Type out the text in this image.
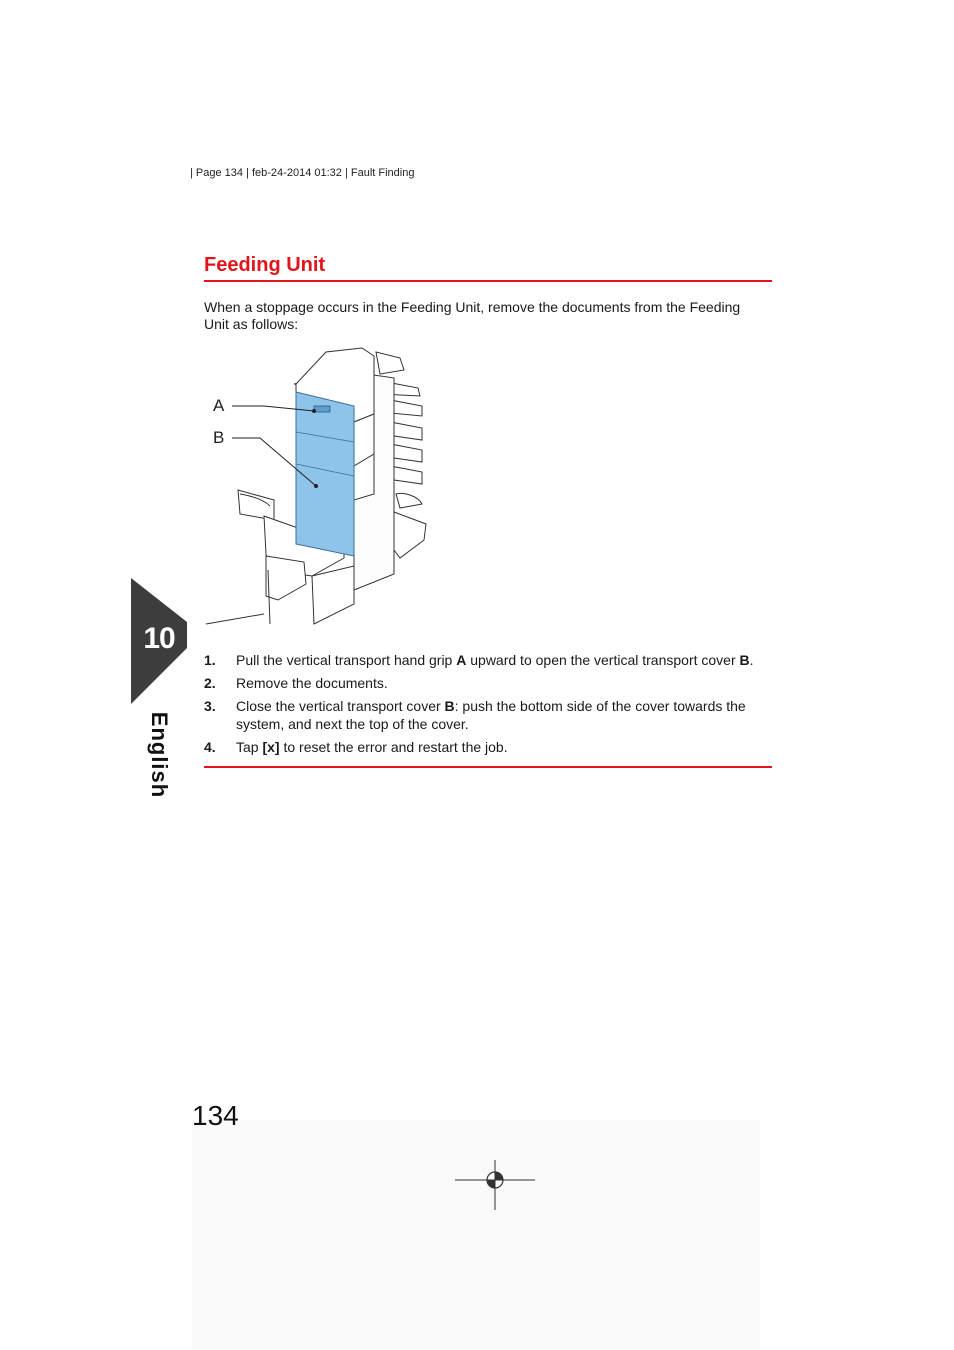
| Page 134 | feb-24-2014 01:32 | Fault Finding
Feeding Unit
When a stoppage occurs in the Feeding Unit, remove the documents from the Feeding Unit as follows:
A
B
1. Pull the vertical transport hand grip A upward to open the vertical transport cover B.
2. Remove the documents.
3. Close the vertical transport cover B: push the bottom side of the cover towards the system, and next the top of the cover.
4. Tap [x] to reset the error and restart the job.
10
English
134
